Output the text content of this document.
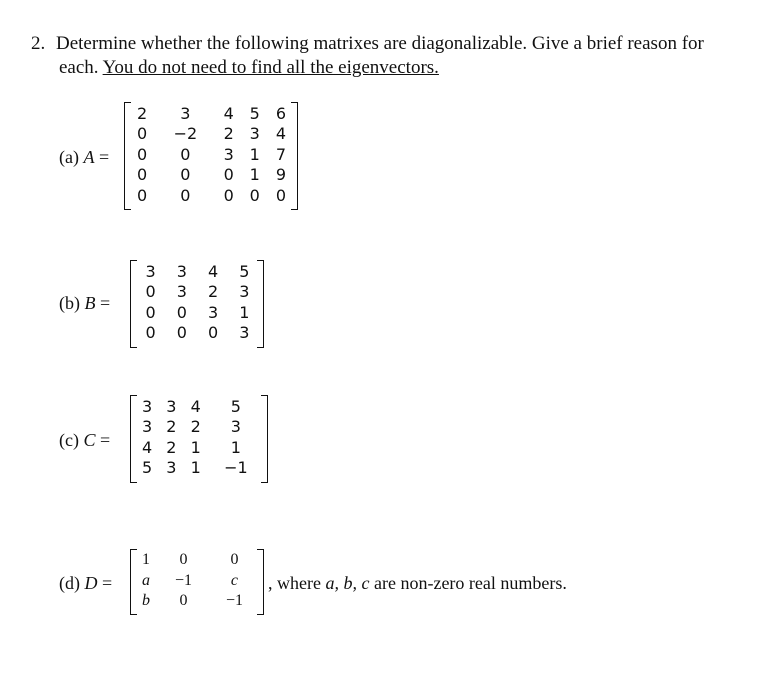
2. Determine whether the following matrixes are diagonalizable. Give a brief reason for
each. You do not need to find all the eigenvectors.
(a) A =
2	3	4	5	6
0	−2	2	3	4
0	0	3	1	7
0	0	0	1	9
0	0	0	0	0
(b) B =
3	3	4	5
0	3	2	3
0	0	3	1
0	0	0	3
(c) C =
3	3	4	5
3	2	2	3
4	2	1	1
5	3	1	−1
(d) D =
1	0	0
a	−1	c
b	0	−1
, where a, b, c are non-zero real numbers.
